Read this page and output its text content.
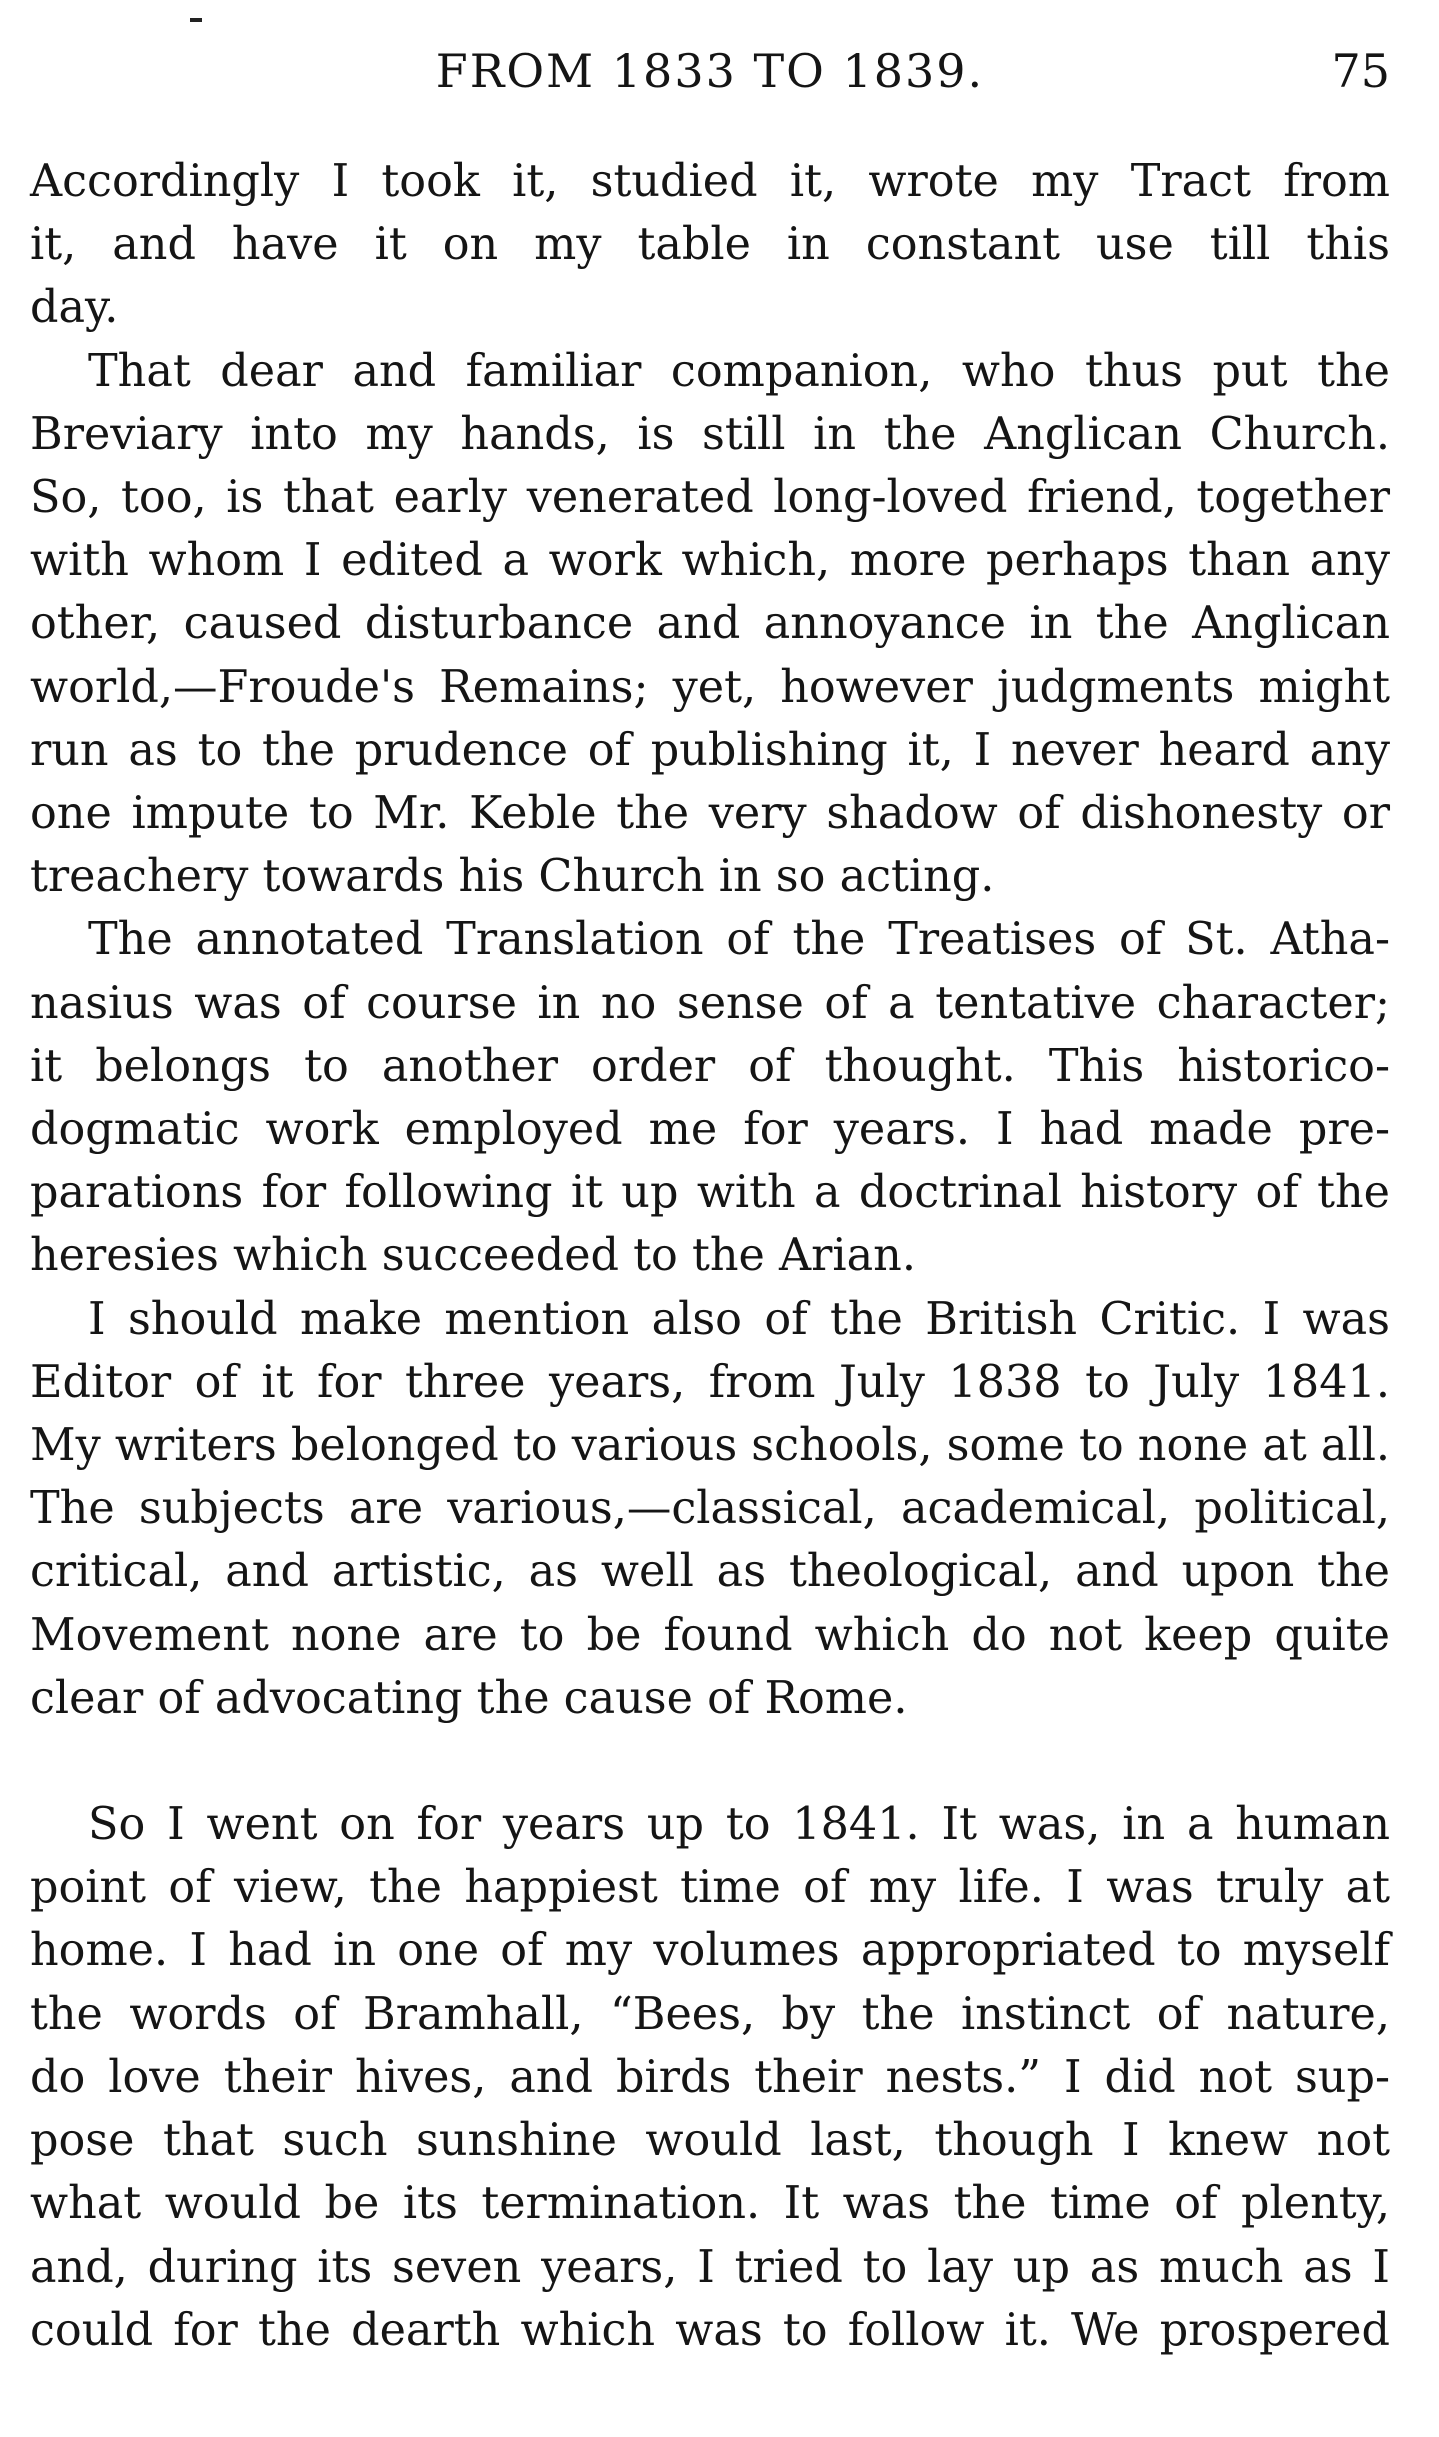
FROM 1833 TO 1839.	75
Accordingly I took it, studied it, wrote my Tract from
it, and have it on my table in constant use till this
day.
That dear and familiar companion, who thus put the
Breviary into my hands, is still in the Anglican Church.
So, too, is that early venerated long-loved friend, together
with whom I edited a work which, more perhaps than any
other, caused disturbance and annoyance in the Anglican
world,—Froude's Remains; yet, however judgments might
run as to the prudence of publishing it, I never heard any
one impute to Mr. Keble the very shadow of dishonesty or
treachery towards his Church in so acting.
The annotated Translation of the Treatises of St. Atha-
nasius was of course in no sense of a tentative character;
it belongs to another order of thought. This historico-
dogmatic work employed me for years. I had made pre-
parations for following it up with a doctrinal history of the
heresies which succeeded to the Arian.
I should make mention also of the British Critic. I was
Editor of it for three years, from July 1838 to July 1841.
My writers belonged to various schools, some to none at all.
The subjects are various,—classical, academical, political,
critical, and artistic, as well as theological, and upon the
Movement none are to be found which do not keep quite
clear of advocating the cause of Rome.
So I went on for years up to 1841. It was, in a human
point of view, the happiest time of my life. I was truly at
home. I had in one of my volumes appropriated to myself
the words of Bramhall, “Bees, by the instinct of nature,
do love their hives, and birds their nests.” I did not sup-
pose that such sunshine would last, though I knew not
what would be its termination. It was the time of plenty,
and, during its seven years, I tried to lay up as much as I
could for the dearth which was to follow it. We prospered
